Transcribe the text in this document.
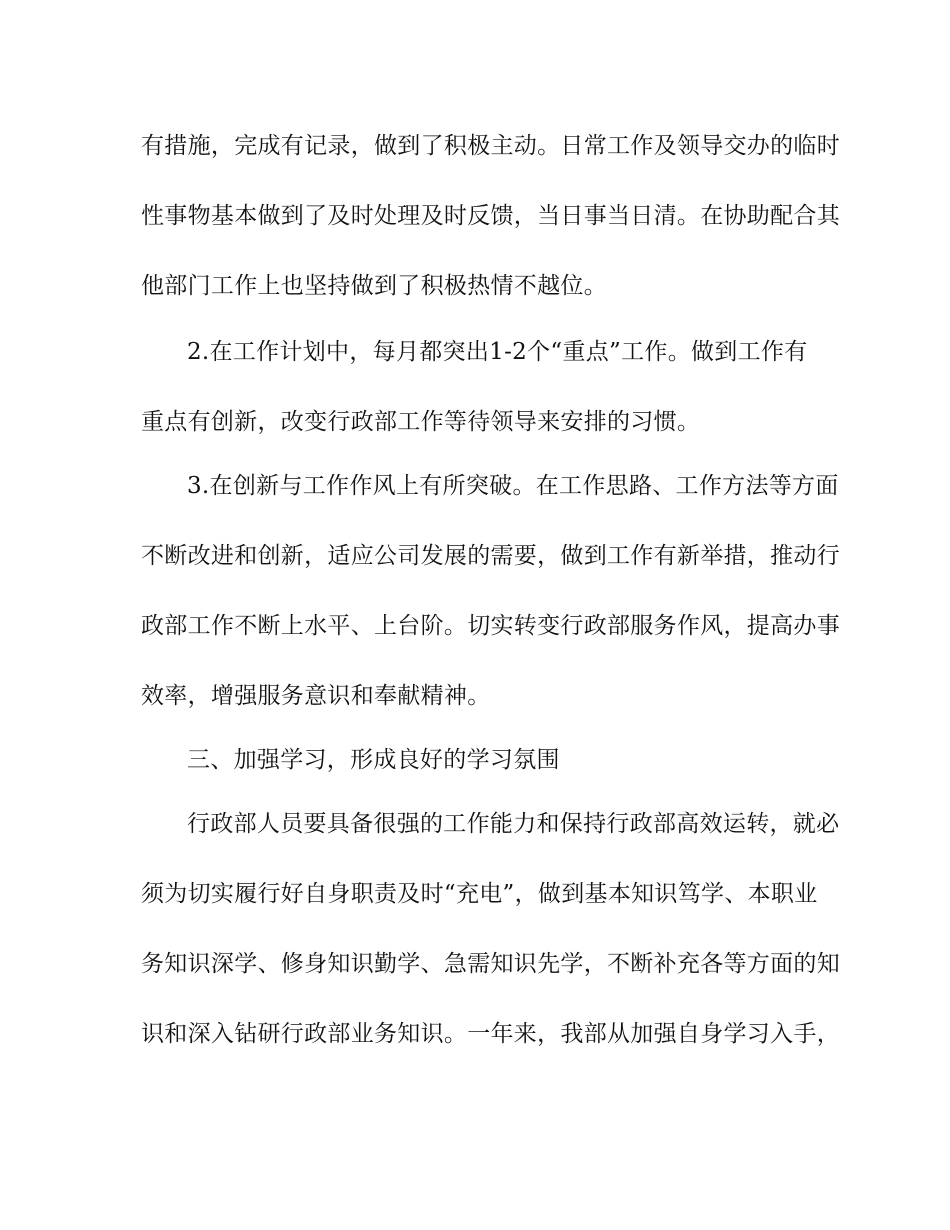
有措施，完成有记录，做到了积极主动。日常工作及领导交办的临时
性事物基本做到了及时处理及时反馈，当日事当日清。在协助配合其
他部门工作上也坚持做到了积极热情不越位。
2.在工作计划中，每月都突出1-2个“重点”工作。做到工作有
重点有创新，改变行政部工作等待领导来安排的习惯。
3.在创新与工作作风上有所突破。在工作思路、工作方法等方面
不断改进和创新，适应公司发展的需要，做到工作有新举措，推动行
政部工作不断上水平、上台阶。切实转变行政部服务作风，提高办事
效率，增强服务意识和奉献精神。
三、加强学习，形成良好的学习氛围
行政部人员要具备很强的工作能力和保持行政部高效运转，就必
须为切实履行好自身职责及时“充电”，做到基本知识笃学、本职业
务知识深学、修身知识勤学、急需知识先学，不断补充各等方面的知
识和深入钻研行政部业务知识。一年来，我部从加强自身学习入手，
